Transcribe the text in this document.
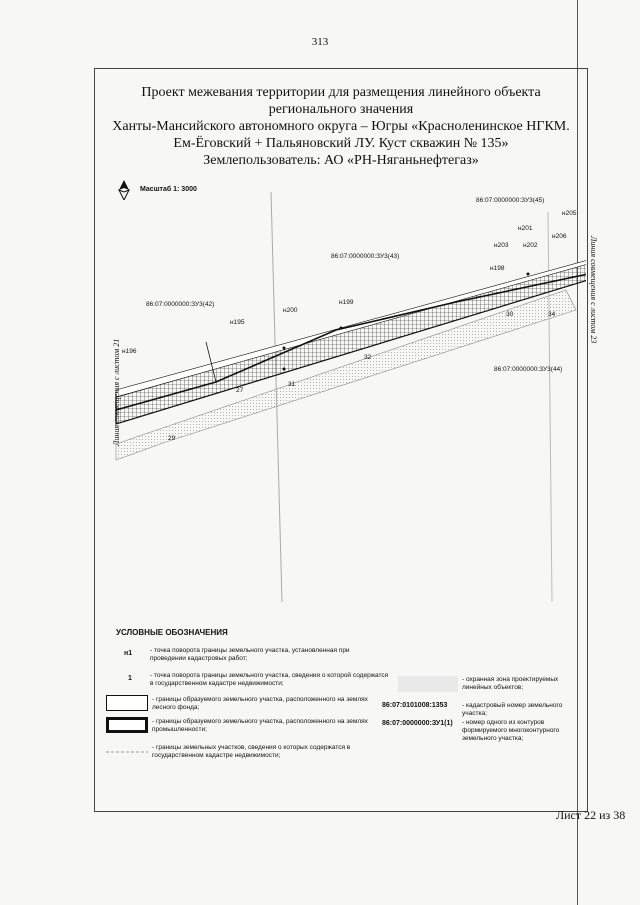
313
Проект межевания территории для размещения линейного объекта
регионального значения
Ханты-Мансийского автономного округа – Югры «Красноленинское НГКМ.
Ем-Ёговский + Пальяновский ЛУ. Куст скважин № 135»
Землепользователь: АО «РН-Няганьнефтегаз»
Масштаб 1: 3000
86:07:0000000:ЗУ3(45)
н205
н201
н206
н203 н202
86:07:0000000:ЗУ3(43)
н198
86:07:0000000:ЗУ3(42)	н199
н200
н195
30	34
н196
32
86:07:0000000:ЗУ3(44)
27
31
29
Линия совмещения с листом 21
Линия совмещения с листом 23
УСЛОВНЫЕ ОБОЗНАЧЕНИЯ
н1	- точка поворота границы земельного участка, установленная при проведении кадастровых работ;
1	- точка поворота границы земельного участка, сведения о которой содержатся в государственном кадастре недвижимости;
- границы образуемого земельного участка, расположенного на землях лесного фонда;
- границы образуемого земельного участка, расположенного на землях промышленности;
- границы земельных участков, сведения о которых содержатся в государственном кадастре недвижимости;
- охранная зона проектируемых линейных объектов;
86:07:0101008:1353 - кадастровый номер земельного участка;
86:07:0000000:ЗУ1(1) - номер одного из контуров формируемого многоконтурного земельного участка;
Лист 22 из 38
